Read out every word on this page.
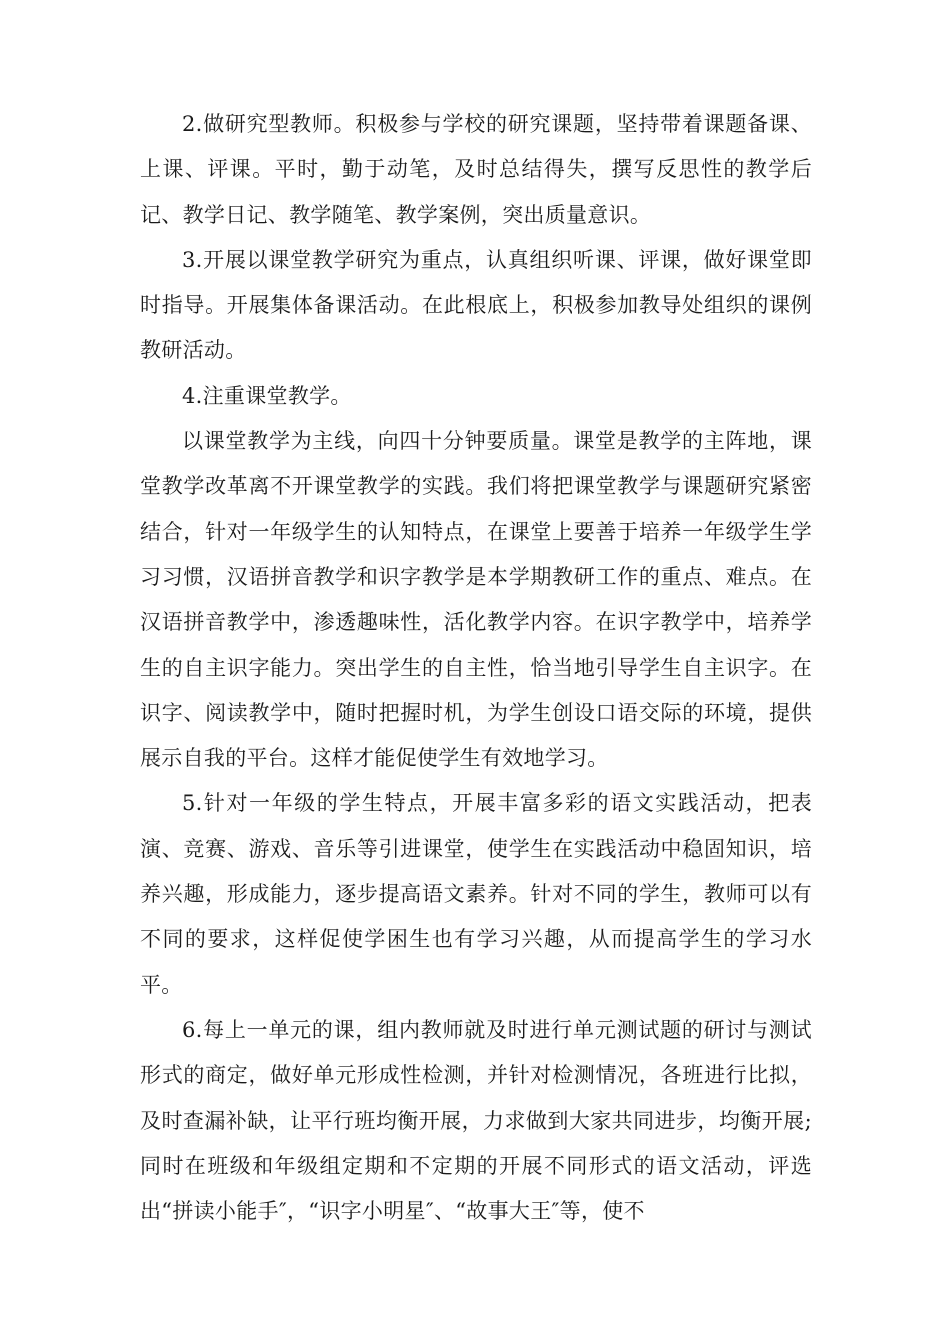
2.做研究型教师。积极参与学校的研究课题，坚持带着课题备课、上课、评课。平时，勤于动笔，及时总结得失，撰写反思性的教学后记、教学日记、教学随笔、教学案例，突出质量意识。

3.开展以课堂教学研究为重点，认真组织听课、评课，做好课堂即时指导。开展集体备课活动。在此根底上，积极参加教导处组织的课例教研活动。

4.注重课堂教学。

以课堂教学为主线，向四十分钟要质量。课堂是教学的主阵地，课堂教学改革离不开课堂教学的实践。我们将把课堂教学与课题研究紧密结合，针对一年级学生的认知特点，在课堂上要善于培养一年级学生学习习惯，汉语拼音教学和识字教学是本学期教研工作的重点、难点。在汉语拼音教学中，渗透趣味性，活化教学内容。在识字教学中，培养学生的自主识字能力。突出学生的自主性，恰当地引导学生自主识字。在识字、阅读教学中，随时把握时机，为学生创设口语交际的环境，提供展示自我的平台。这样才能促使学生有效地学习。

5.针对一年级的学生特点，开展丰富多彩的语文实践活动，把表演、竞赛、游戏、音乐等引进课堂，使学生在实践活动中稳固知识，培养兴趣，形成能力，逐步提高语文素养。针对不同的学生，教师可以有不同的要求，这样促使学困生也有学习兴趣，从而提高学生的学习水平。

6.每上一单元的课，组内教师就及时进行单元测试题的研讨与测试形式的商定，做好单元形成性检测，并针对检测情况，各班进行比拟，及时查漏补缺，让平行班均衡开展，力求做到大家共同进步，均衡开展;同时在班级和年级组定期和不定期的开展不同形式的语文活动，评选出“拼读小能手″，“识字小明星″、“故事大王″等，使不
